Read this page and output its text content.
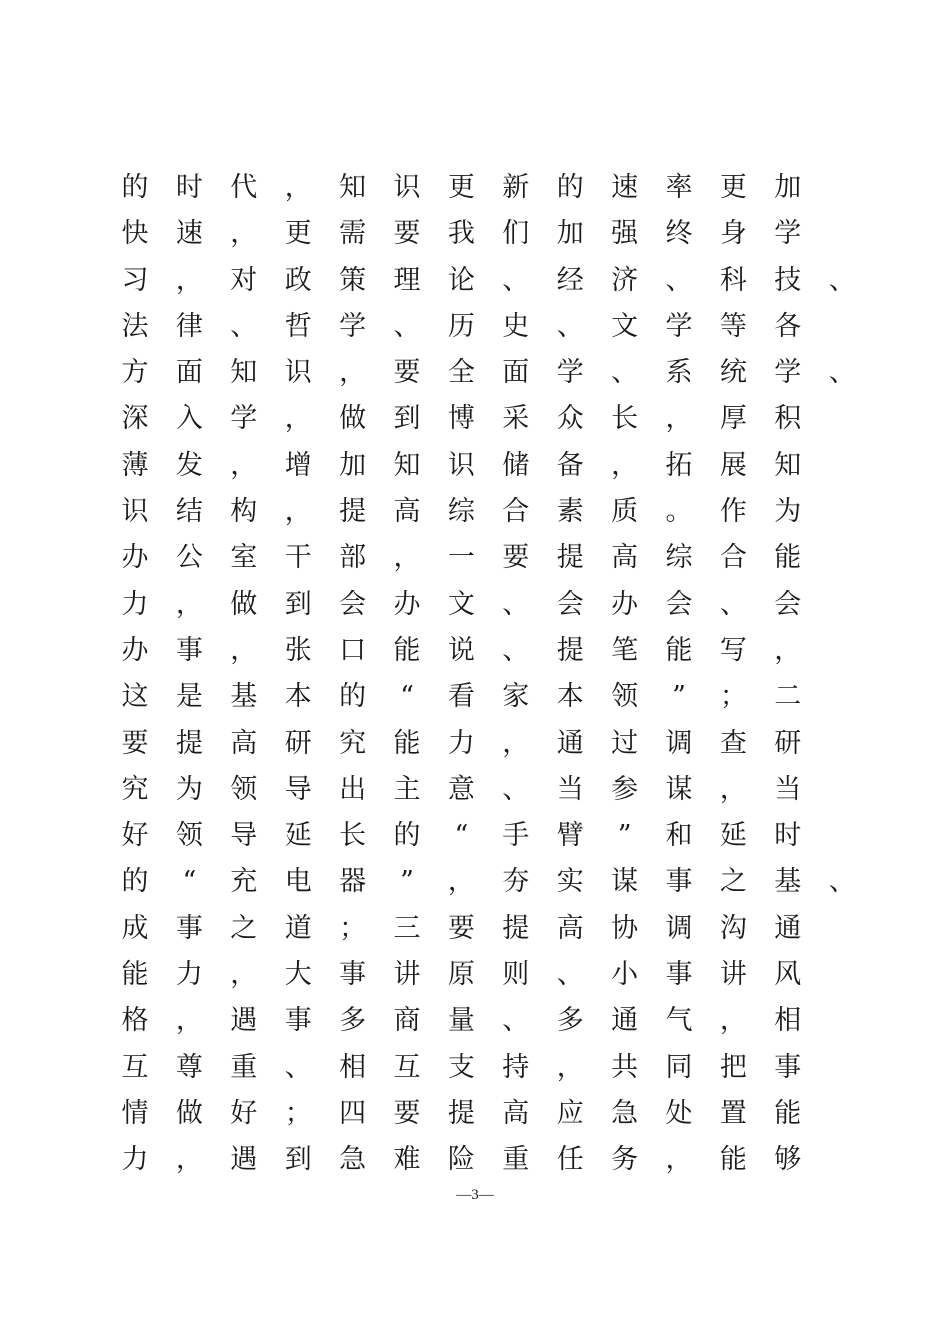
的	时	代	，	知	识	更	新	的	速	率	更	加
快	速	，	更	需	要	我	们	加	强	终	身	学
习	，	对	政	策	理	论	、	经	济	、	科	技	、
法	律	、	哲	学	、	历	史	、	文	学	等	各
方	面	知	识	，	要	全	面	学	、	系	统	学	、
深	入	学	，	做	到	博	采	众	长	，	厚	积
薄	发	，	增	加	知	识	储	备	，	拓	展	知
识	结	构	，	提	高	综	合	素	质	。	作	为
办	公	室	干	部	，	一	要	提	高	综	合	能
力	，	做	到	会	办	文	、	会	办	会	、	会
办	事	，	张	口	能	说	、	提	笔	能	写	，
这	是	基	本	的	“	看	家	本	领	”	；	二
要	提	高	研	究	能	力	，	通	过	调	查	研
究	为	领	导	出	主	意	、	当	参	谋	，	当
好	领	导	延	长	的	“	手	臂	”	和	延	时
的	“	充	电	器	”	，	夯	实	谋	事	之	基	、
成	事	之	道	；	三	要	提	高	协	调	沟	通
能	力	，	大	事	讲	原	则	、	小	事	讲	风
格	，	遇	事	多	商	量	、	多	通	气	，	相
互	尊	重	、	相	互	支	持	，	共	同	把	事
情	做	好	；	四	要	提	高	应	急	处	置	能
力	，	遇	到	急	难	险	重	任	务	，	能	够
—3—
